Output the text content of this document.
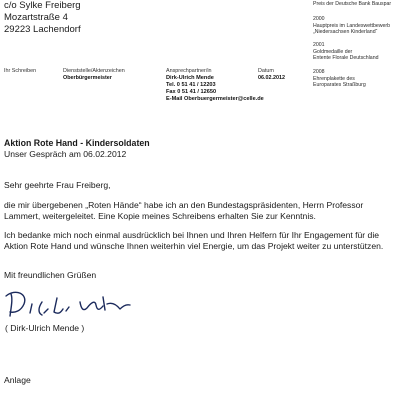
c/o Sylke Freiberg
Mozartstraße 4
29223 Lachendorf
Preis der Deutsche Bank Bauspar
2000
Hauptpreis im Landeswettbewerb
„Niedersachsen Kinderland“
2001
Goldmedaille der
Entente Florale Deutschland
2008
Ehrenplakette des
Europarates Straßburg
Ihr Schreiben	Dienststelle/Aktenzeichen
Oberbürgermeister
Ansprechpartner/in
Dirk-Ulrich Mende
Tel. 0 51 41 / 12203
Fax 0 51 41 / 12650
E-Mail Oberbuergermeister@celle.de
Datum
06.02.2012
Aktion Rote Hand - Kindersoldaten
Unser Gespräch am 06.02.2012
Sehr geehrte Frau Freiberg,
die mir übergebenen „Roten Hände“ habe ich an den Bundestagspräsidenten, Herrn Professor Lammert, weitergeleitet. Eine Kopie meines Schreibens erhalten Sie zur Kenntnis.
Ich bedanke mich noch einmal ausdrücklich bei Ihnen und Ihren Helfern für Ihr Engagement für die Aktion Rote Hand und wünsche Ihnen weiterhin viel Energie, um das Projekt weiter zu unterstützen.
Mit freundlichen Grüßen
( Dirk-Ulrich Mende )
Anlage
